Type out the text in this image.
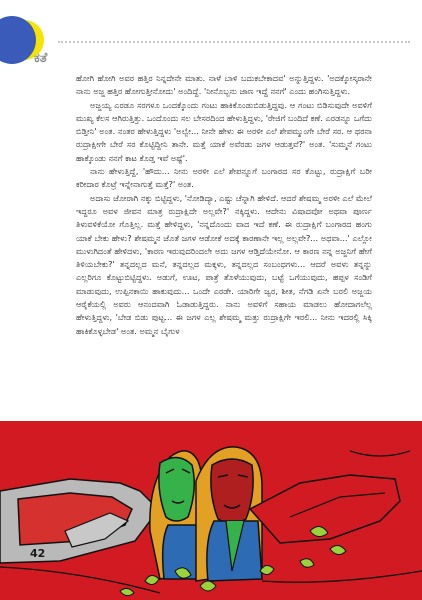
ಕತೆ

ಹೋಗಿ ಹೋಗಿ ಅವರ ಹತ್ತಿರ ನಿನ್ನದೇನೇ ಮಾತು. ನಾಳೆ ಬಾಳಿ ಬದುಕಬೇಕಾದವ' ಅನ್ನುತ್ತಿದ್ದಳು. 'ಅದಕ್ಕೋಸ್ಕರಾನೇ ನಾನು ಅಜ್ಜ ಹತ್ತಿರ ಹೋಗುತ್ತೀನೋದು' ಅಂದಿದ್ದೆ. 'ನೀನೊಬ್ಬನು ಜಾಣ ಇದ್ದೆ ನನಗೆ' ಎಂದು ಹಂಗಿಸುತ್ತಿದ್ದಳು.

ಅಜ್ಜಯ್ಯ ಎರಡೂ ಸರಗಳೂ ಒಂದಕ್ಕೊಂದು ಗಂಟು ಹಾಕಿಕೊಂಡುಬಿಡುತ್ತಿದ್ದವು. ಆ ಗಂಟು ಬಿಡಿಸುವುದೇ ಅವಳಿಗೆ ಮುಖ್ಯ ಕೆಲಸ ಆಗಿರುತ್ತಿತ್ತು. ಒಂದೊಂದು ಸಲ ಬೇಸರದಿಂದ ಹೇಳುತ್ತಿದ್ದಳು, 'ರೇಜಿಗೆ ಬಂದಿದೆ ಕಣೆ. ಎರಡನ್ನೂ ಒಗೆದು ಬಿಡ್ತೀನಿ' ಅಂತ. ನಂತರ ಹೇಳುತ್ತಿದ್ದಳು 'ಅಲ್ವೇ... ನೀನೇ ಹೇಳು ಈ ಅರಳೀ ಎಲೆ ಶೇಪಮ್ಮುಂಗೇ ಬೇರೆ ಸರ. ಆ ಥರನಾ ರುದ್ರಾಕ್ಷೀಗೇ ಬೇರೆ ಸರ ಕೊಟ್ಟಿದ್ದೀನಿ ತಾನೇ. ಮತ್ತೆ ಯಾಕೆ ಅವೆರಡು ಜಗಳ ಆಡುತ್ತವೆ?' ಅಂತ. 'ಸುಮ್ಮನೆ ಗಂಟು ಹಾಕ್ಕೊಂಡು ನನಗೆ ಕಾಟ ಕೊಡ್ತ ಇವೆ ಅಷ್ಟೆ'.

ನಾನು ಹೇಳುತ್ತಿದ್ದೆ, 'ಹೌದು... ನೀನು ಅರಳೀ ಎಲೆ ಶೇಪನ್ನೂಗೆ ಬಂಗಾರದ ಸರ ಕೊಟ್ಟು, ರುದ್ರಾಕ್ಷಿಗೆ ಬರೀ ಕರೀದಾರ ಕೊಟ್ರೆ ಇನ್ನೇನಾಗುತ್ತೆ ಮತ್ತೆ?' ಅಂತ.

ಅದಾಸು ಜೋರಾಗಿ ನಕ್ಕು ಬಿಟ್ಟಿದ್ದಳು, 'ನೋಡಿದ್ಯಾ, ಎಷ್ಟು ಚೆನ್ನಾಗಿ ಹೇಳಿದೆ. ಆದರೆ ಶೇಷಮ್ಮ ಅರಳೀ ಎಲೆ ಮೇಲೆ ಇದ್ದರೂ ಅವಳ ಜೀವನ ಮಾತ್ರ ರುದ್ರಾಕ್ಷಿದೇ ಅಲ್ಲವೇ?' ನಕ್ಕಿದ್ದಳು. ಆದೇನು ವಿಷಾದವೋ ಅಥವಾ ಪೂರ್ಣ ತಿಳುವಳಿಕೆಯೋ ಗೊತ್ತಿಲ್ಲ. ಮತ್ತೆ ಹೇಳಿದ್ದಳು, 'ನನ್ನದೊಂದು ವಾದ ಇದೆ ಕಣೆ. ಈ ರುದ್ರಾಕ್ಷಿಗೆ ಬಂಗಾರದ ಹಂಗು ಯಾಕೆ ಬೇಕು ಹೇಳು? ಶೇಷಮ್ಮನ ಜೊತೆ ಜಗಳ ಆಡೋಕೆ ಅದಕ್ಕೆ ಕಾರಣಾನೇ ಇಲ್ಲ ಅಲ್ಲವೇ?... ಅಥವಾ...' ಎಲ್ಲೋ ಮುಳುಗಿದಂತೆ ಹೇಳಿದಳು, 'ಕಾರಣ ಇರುವುದರಿಂದಲೇ ಅದು ಜಗಳ ಆಡ್ತಿದೆಯೇನೋ. ಆ ಕಾರಣ ನನ್ನ ಅಜ್ಜನಿಗೆ ಹೇಗೆ ತಿಳಿಯಬೇಕು?' ತನ್ನದಲ್ಲದ ಮನೆ, ತನ್ನದಲ್ಲದ ಮಕ್ಕಳು, ತನ್ನದಲ್ಲದ ಸಂಬಂಧಗಳು... ಆದರೆ ಅವಳು ತನ್ನನ್ನು ಎಲ್ಲರಿಗೂ ಕೊಟ್ಟುಬಿಟ್ಟಿದ್ದಳು. ಅಡುಗೆ, ಊಟ, ಪಾತ್ರೆ ತೊಳೆಯುವುದು, ಬಟ್ಟೆ ಒಗೆಯುವುದು, ಹಪ್ಪಳ ಸಂಡಿಗೆ ಮಾಡುವುದು, ಉಪ್ಪಿನಕಾಯಿ ಹಾಕುವುದು... ಒಂದೇ ಎರಡೇ. ಯಾರಿಗೇ ಜ್ವರ, ಶೀತ, ನೆಗಡಿ ಏನೇ ಬರಲಿ ಅಜ್ಜಯ ಆರೈಕೆಯಲ್ಲಿ ಅವರು ಆನಂದವಾಗಿ ಓಡಾಡುತ್ತಿದ್ದರು. ನಾನು ಅವಳಿಗೆ ಸಹಾಯ ಮಾಡಲು ಹೋದಾಗಲೆಲ್ಲ ಹೇಳುತ್ತಿದ್ದಳು, 'ಬೇಡ ಬಿಡು ಪುಟ್ಟ... ಈ ಜಗಳ ಎಲ್ಲ ಶೇಷಮ್ಮ ಮತ್ತು ರುದ್ರಾಕ್ಷಿಗೇ ಇರಲಿ... ನೀನು ಇದರಲ್ಲಿ ಸಿಕ್ಕಿ ಹಾಕಿಕೊಳ್ಳಬೇಡ' ಅಂತ. ಅಮ್ಮನ ಬೈಗುಳ

42
